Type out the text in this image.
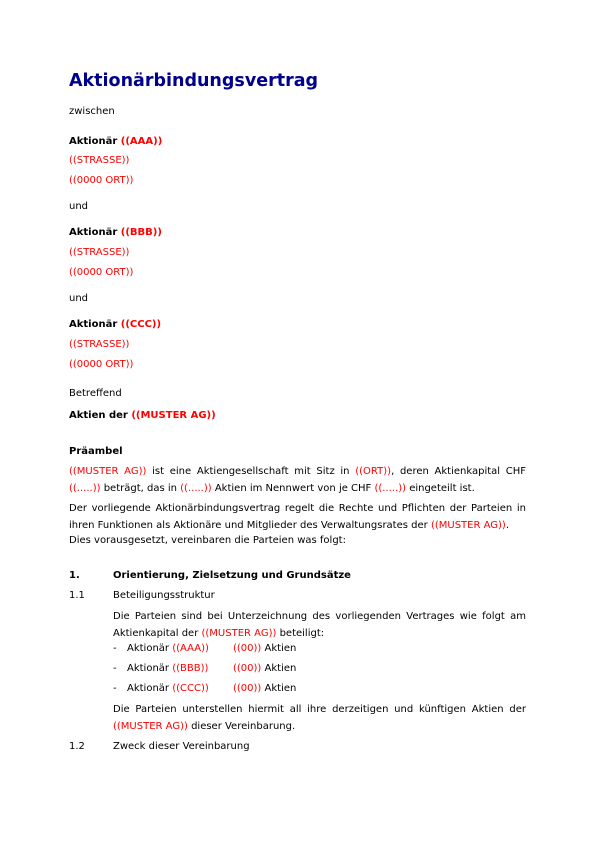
Aktionärbindungsvertrag
zwischen
Aktionär ((AAA))
((STRASSE))
((0000 ORT))
und
Aktionär ((BBB))
((STRASSE))
((0000 ORT))
und
Aktionär ((CCC))
((STRASSE))
((0000 ORT))
Betreffend
Aktien der ((MUSTER AG))
Präambel
((MUSTER AG)) ist eine Aktiengesellschaft mit Sitz in ((ORT)), deren Aktienkapital CHF ((.....)) beträgt, das in ((.....)) Aktien im Nennwert von je CHF ((.....)) eingeteilt ist.
Der vorliegende Aktionärbindungsvertrag regelt die Rechte und Pflichten der Parteien in ihren Funktionen als Aktionäre und Mitglieder des Verwaltungsrates der ((MUSTER AG)).
Dies vorausgesetzt, vereinbaren die Parteien was folgt:
1.	Orientierung, Zielsetzung und Grundsätze
1.1	Beteiligungsstruktur
Die Parteien sind bei Unterzeichnung des vorliegenden Vertrages wie folgt am Aktienkapital der ((MUSTER AG)) beteiligt:
- Aktionär ((AAA)) ((00)) Aktien
- Aktionär ((BBB)) ((00)) Aktien
- Aktionär ((CCC)) ((00)) Aktien
Die Parteien unterstellen hiermit all ihre derzeitigen und künftigen Aktien der ((MUSTER AG)) dieser Vereinbarung.
1.2	Zweck dieser Vereinbarung
